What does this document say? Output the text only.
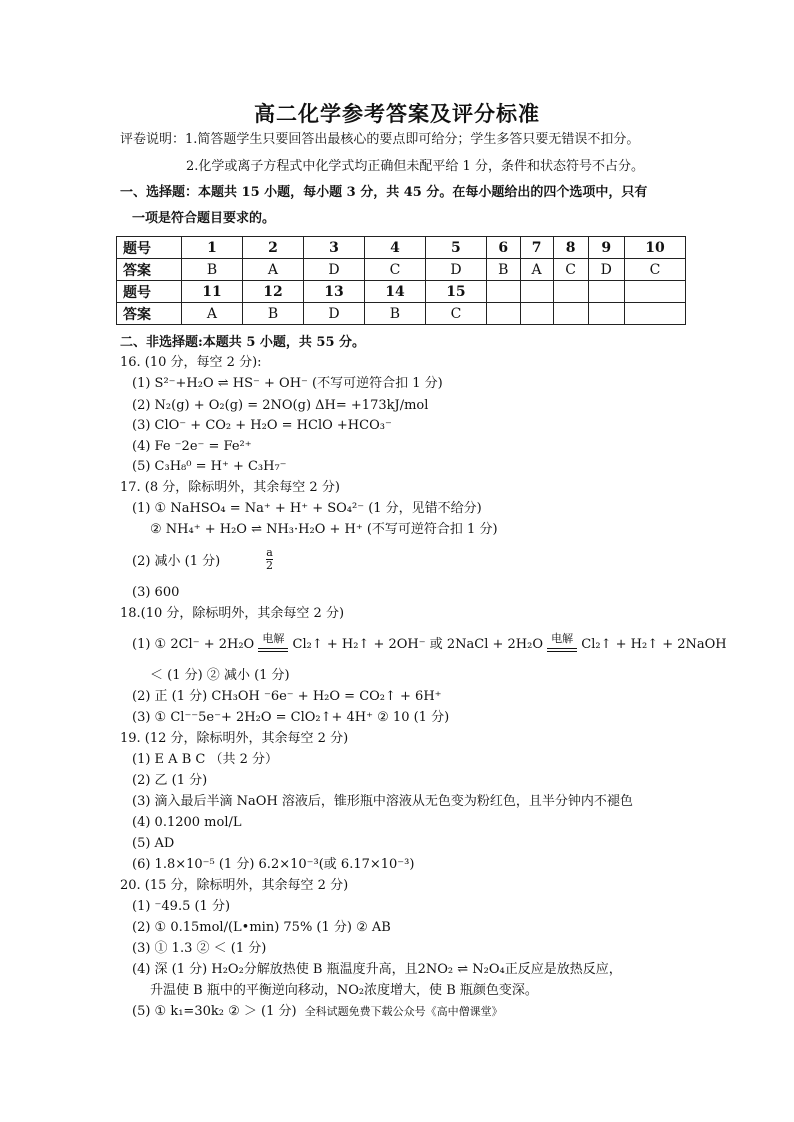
高二化学参考答案及评分标准
评卷说明：1.简答题学生只要回答出最核心的要点即可给分；学生多答只要无错误不扣分。
2.化学或离子方程式中化学式均正确但未配平给 1 分，条件和状态符号不占分。
一、选择题：本题共 15 小题，每小题 3 分，共 45 分。在每小题给出的四个选项中，只有
一项是符合题目要求的。
题号	1	2	3	4	5	6	7	8	9	10
答案	B	A	D	C	D	B	A	C	D	C
题号	11	12	13	14	15					
答案	A	B	D	B	C					
二、非选择题:本题共 5 小题，共 55 分。
16. (10 分，每空 2 分):
(1) S²⁻+H₂O ⇌ HS⁻ + OH⁻ (不写可逆符合扣 1 分)
(2) N₂(g) + O₂(g) = 2NO(g) ΔH= +173kJ/mol
(3) ClO⁻ + CO₂ + H₂O = HClO +HCO₃⁻
(4) Fe ⁻2e⁻ = Fe²⁺
(5) C₃H₈⁰ = H⁺ + C₃H₇⁻
17. (8 分，除标明外，其余每空 2 分)
(1) ① NaHSO₄ = Na⁺ + H⁺ + SO₄²⁻ (1 分，见错不给分)
② NH₄⁺ + H₂O ⇌ NH₃·H₂O + H⁺ (不写可逆符合扣 1 分)
(2) 减小 (1 分)	$\frac{a}{2}$
(3) 600
18.(10 分，除标明外，其余每空 2 分)
(1) ① 2Cl⁻ + 2H₂O 电解 Cl₂↑ + H₂↑ + 2OH⁻ 或 2NaCl + 2H₂O 电解 Cl₂↑ + H₂↑ + 2NaOH
＜ (1 分) ② 减小 (1 分)
(2) 正 (1 分) CH₃OH ⁻6e⁻ + H₂O = CO₂↑ + 6H⁺
(3) ① Cl⁻⁻5e⁻+ 2H₂O = ClO₂↑+ 4H⁺ ② 10 (1 分)
19. (12 分，除标明外，其余每空 2 分)
(1) E A B C （共 2 分）
(2) 乙 (1 分)
(3) 滴入最后半滴 NaOH 溶液后，锥形瓶中溶液从无色变为粉红色，且半分钟内不褪色
(4) 0.1200 mol/L
(5) AD
(6) 1.8×10⁻⁵ (1 分) 6.2×10⁻³(或 6.17×10⁻³)
20. (15 分，除标明外，其余每空 2 分)
(1) ⁻49.5 (1 分)
(2) ① 0.15mol/(L•min) 75% (1 分) ② AB
(3) ① 1.3 ② ＜ (1 分)
(4) 深 (1 分) H₂O₂分解放热使 B 瓶温度升高，且2NO₂ ⇌ N₂O₄正反应是放热反应，
升温使 B 瓶中的平衡逆向移动，NO₂浓度增大，使 B 瓶颜色变深。
(5) ① k₁=30k₂ ② ＞ (1 分) 全科试题免费下载公众号《高中僧课堂》
